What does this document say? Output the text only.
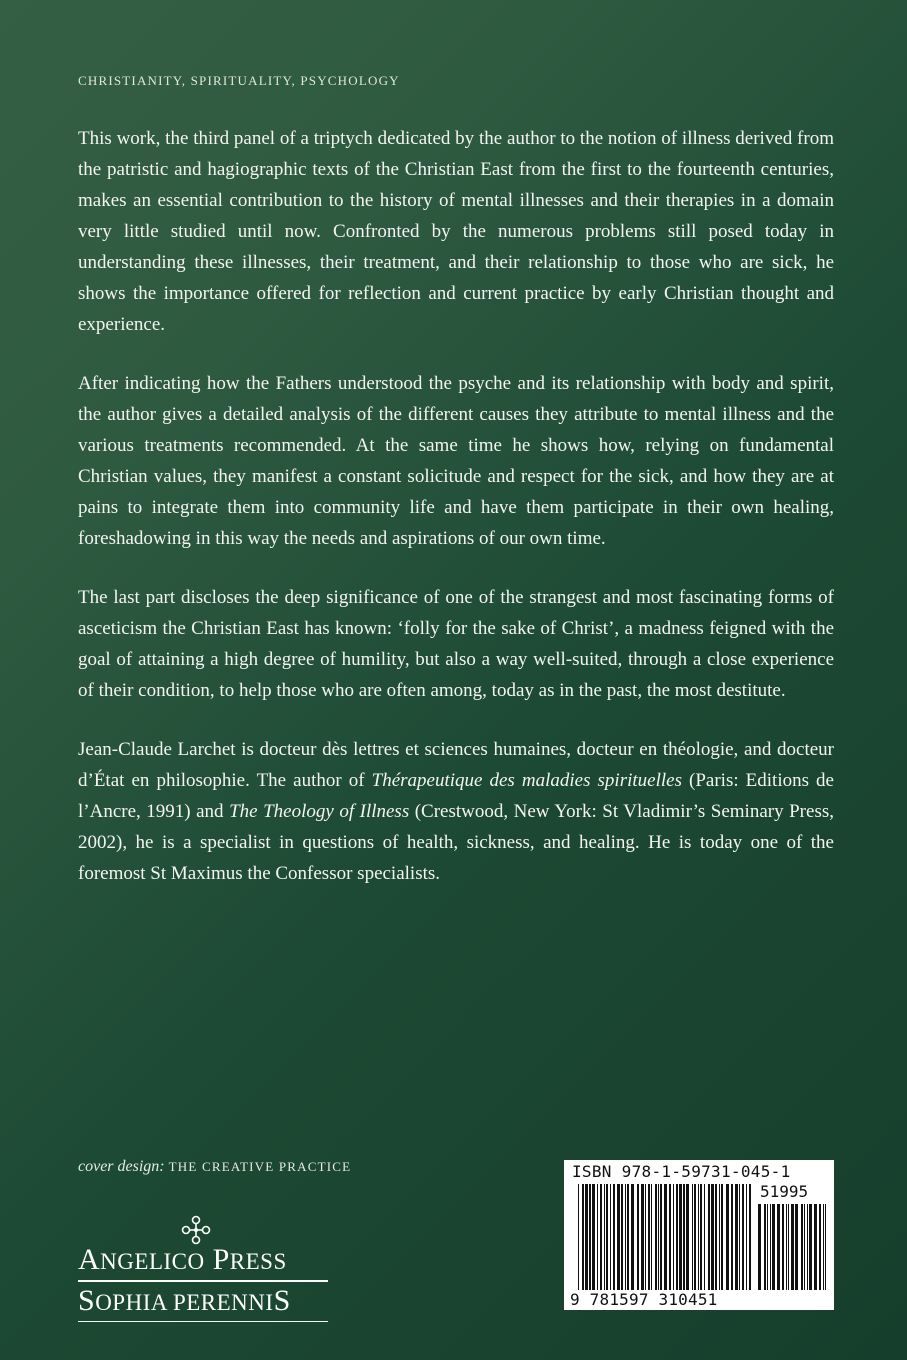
CHRISTIANITY, SPIRITUALITY, PSYCHOLOGY

This work, the third panel of a triptych dedicated by the author to the notion of illness derived from the patristic and hagiographic texts of the Christian East from the first to the fourteenth centuries, makes an essential contribution to the history of mental illnesses and their therapies in a domain very little studied until now. Confronted by the numerous problems still posed today in understanding these illnesses, their treatment, and their relationship to those who are sick, he shows the importance offered for reflection and current practice by early Christian thought and experience.

After indicating how the Fathers understood the psyche and its relationship with body and spirit, the author gives a detailed analysis of the different causes they attribute to mental illness and the various treatments recommended. At the same time he shows how, relying on fundamental Christian values, they manifest a constant solicitude and respect for the sick, and how they are at pains to integrate them into community life and have them participate in their own healing, foreshadowing in this way the needs and aspirations of our own time.

The last part discloses the deep significance of one of the strangest and most fascinating forms of asceticism the Christian East has known: ‘folly for the sake of Christ’, a madness feigned with the goal of attaining a high degree of humility, but also a way well-suited, through a close experience of their condition, to help those who are often among, today as in the past, the most destitute.

Jean-Claude Larchet is docteur dès lettres et sciences humaines, docteur en théologie, and docteur d’État en philosophie. The author of Thérapeutique des maladies spirituelles (Paris: Editions de l’Ancre, 1991) and The Theology of Illness (Crestwood, New York: St Vladimir’s Seminary Press, 2002), he is a specialist in questions of health, sickness, and healing. He is today one of the foremost St Maximus the Confessor specialists.

cover design: THE CREATIVE PRACTICE
ANGELICO PRESS
SOPHIA PERENNIS
ISBN 978-1-59731-045-1
51995
9 781597 310451
